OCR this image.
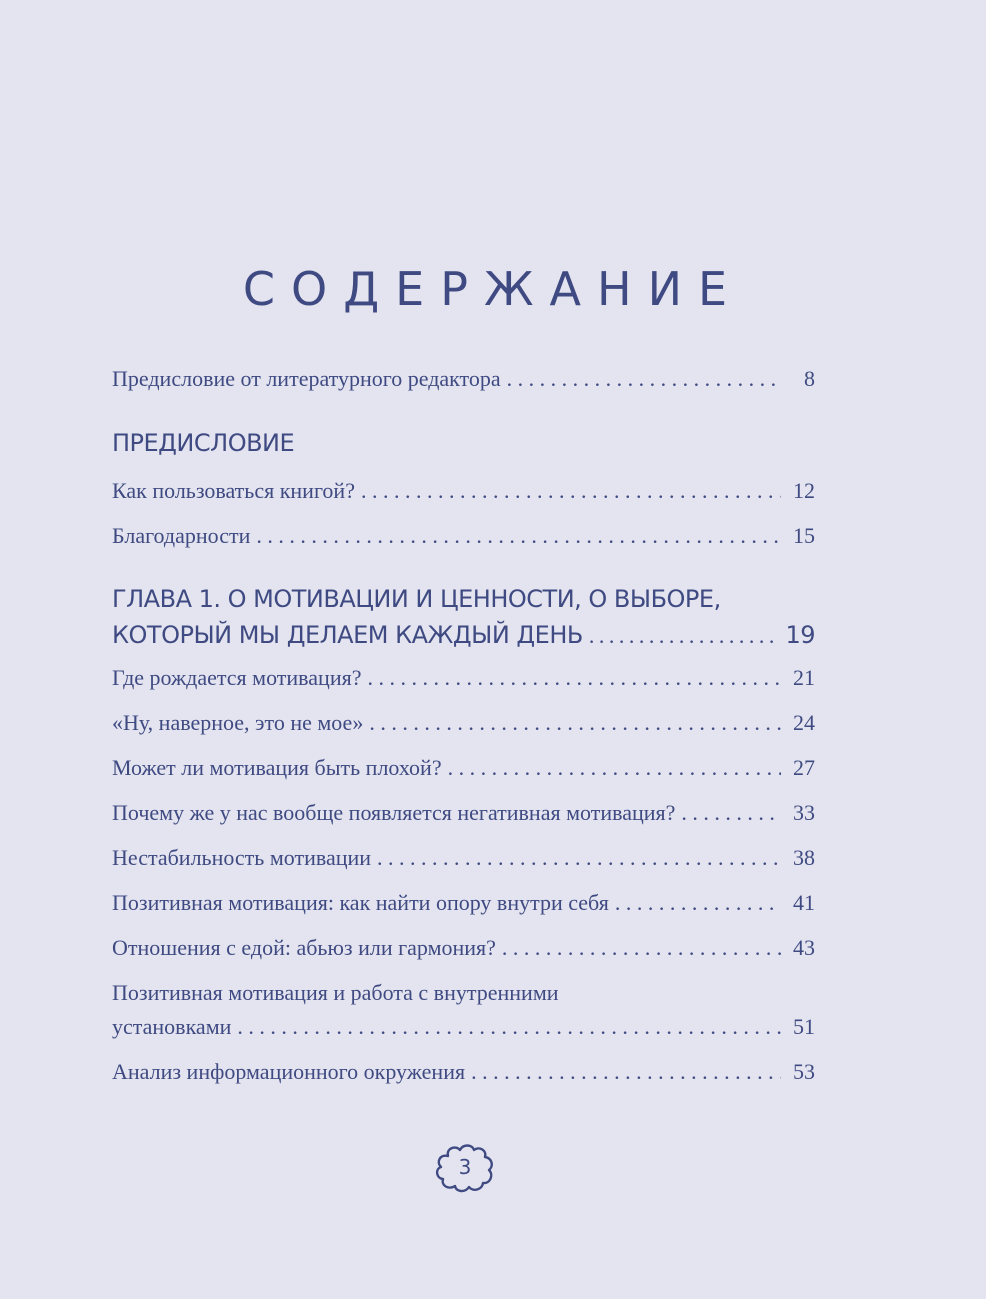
СОДЕРЖАНИЕ
Предисловие от литературного редактора . . .	8
ПРЕДИСЛОВИЕ
Как пользоваться книгой? . . .	12
Благодарности . . .	15
ГЛАВА 1. О МОТИВАЦИИ И ЦЕННОСТИ, О ВЫБОРЕ,
КОТОРЫЙ МЫ ДЕЛАЕМ КАЖДЫЙ ДЕНЬ . . .	19
Где рождается мотивация? . . .	21
«Ну, наверное, это не мое» . . .	24
Может ли мотивация быть плохой? . . .	27
Почему же у нас вообще появляется негативная мотивация? . . .	33
Нестабильность мотивации . . .	38
Позитивная мотивация: как найти опору внутри себя . . .	41
Отношения с едой: абьюз или гармония? . . .	43
Позитивная мотивация и работа с внутренними
установками . . .	51
Анализ информационного окружения . . .	53
3
